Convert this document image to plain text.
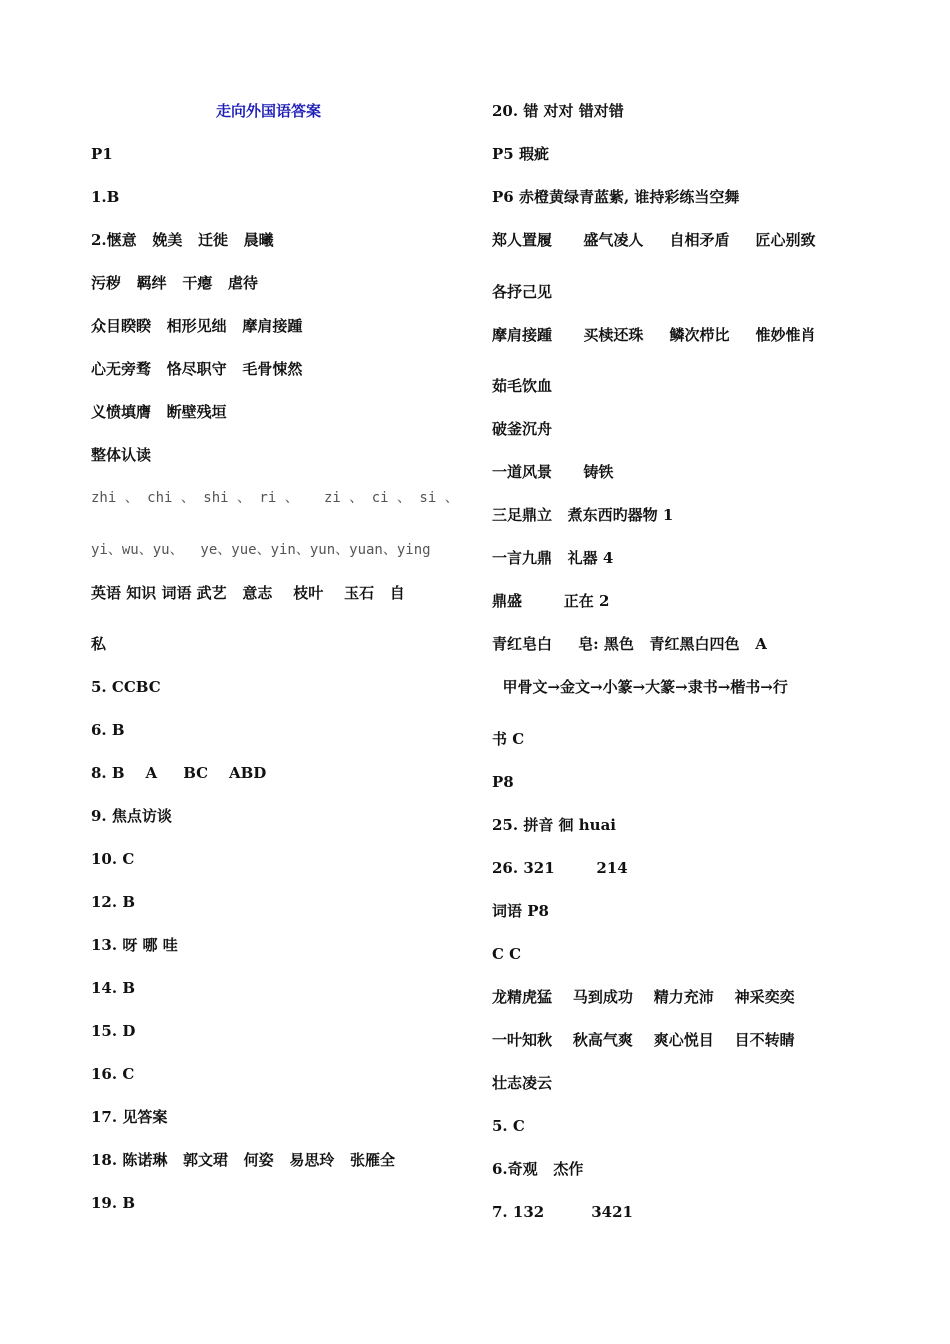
走向外国语答案
P1
1.B
2.惬意   娩美   迁徙   晨曦
污秽   羁绊   干瘪   虐待
众目睽睽   相形见绌   摩肩接踵
心无旁骛   恪尽职守   毛骨悚然
义愤填膺   断壁残垣
整体认读
zhi 、 chi 、 shi 、 ri 、   zi 、 ci 、 si 、
yi、wu、yu、  ye、yue、yin、yun、yuan、ying
英语 知识 词语 武艺   意志    枝叶    玉石   自
私
5. CCBC
6. B
8. B    A     BC    ABD
9. 焦点访谈
10. C
12. B
13. 呀 哪 哇
14. B
15. D
16. C
17. 见答案
18. 陈诺琳   郭文珺   何姿   易思玲   张雁全
19. B
20. 错 对对 错对错
P5 瑕疵
P6 赤橙黄绿青蓝紫, 谁持彩练当空舞
郑人置履      盛气凌人     自相矛盾     匠心别致
各抒己见
摩肩接踵      买椟还珠     鳞次栉比     惟妙惟肖
茹毛饮血
破釜沉舟
一道风景      铸铁
三足鼎立   煮东西旳器物 1
一言九鼎   礼器 4
鼎盛        正在 2
青红皂白     皂: 黑色   青红黑白四色   A
甲骨文→金文→小篆→大篆→隶书→楷书→行
书 C
P8
25. 拼音 徊 huai
26. 321        214
词语 P8
C C
龙精虎猛    马到成功    精力充沛    神采奕奕
一叶知秋    秋高气爽    爽心悦目    目不转睛
壮志凌云
5. C
6.奇观   杰作
7. 132         3421
